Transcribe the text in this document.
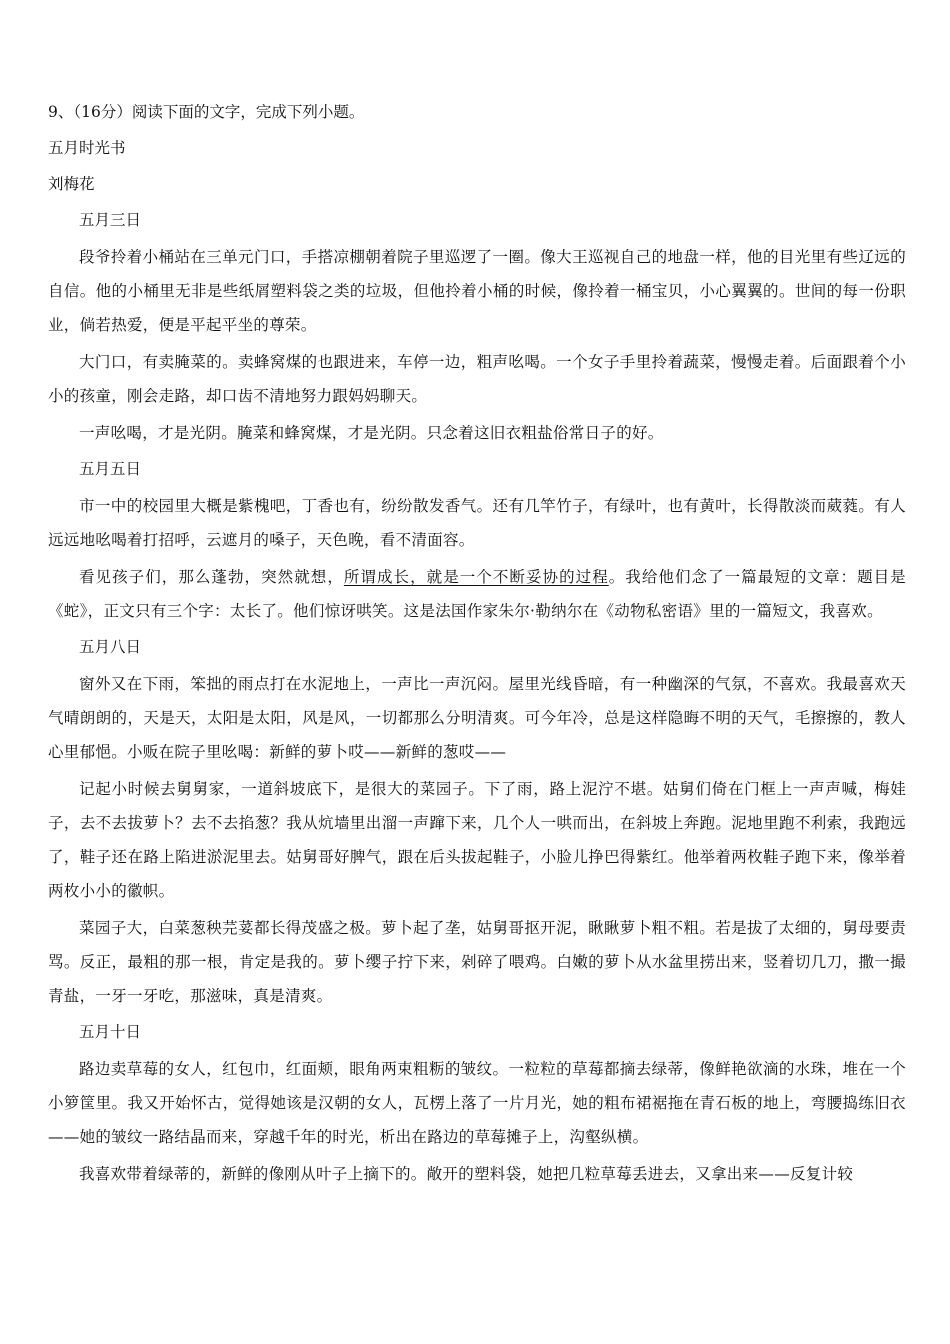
9、（16分）阅读下面的文字，完成下列小题。

五月时光书

刘梅花

五月三日

段爷拎着小桶站在三单元门口，手搭凉棚朝着院子里巡逻了一圈。像大王巡视自己的地盘一样，他的目光里有些辽远的自信。他的小桶里无非是些纸屑塑料袋之类的垃圾，但他拎着小桶的时候，像拎着一桶宝贝，小心翼翼的。世间的每一份职业，倘若热爱，便是平起平坐的尊荣。

大门口，有卖腌菜的。卖蜂窝煤的也跟进来，车停一边，粗声吆喝。一个女子手里拎着蔬菜，慢慢走着。后面跟着个小小的孩童，刚会走路，却口齿不清地努力跟妈妈聊天。

一声吆喝，才是光阴。腌菜和蜂窝煤，才是光阴。只念着这旧衣粗盐俗常日子的好。

五月五日

市一中的校园里大概是紫槐吧，丁香也有，纷纷散发香气。还有几竿竹子，有绿叶，也有黄叶，长得散淡而葳蕤。有人远远地吆喝着打招呼，云遮月的嗓子，天色晚，看不清面容。

看见孩子们，那么蓬勃，突然就想，所谓成长，就是一个不断妥协的过程。我给他们念了一篇最短的文章：题目是《蛇》，正文只有三个字：太长了。他们惊讶哄笑。这是法国作家朱尔·勒纳尔在《动物私密语》里的一篇短文，我喜欢。

五月八日

窗外又在下雨，笨拙的雨点打在水泥地上，一声比一声沉闷。屋里光线昏暗，有一种幽深的气氛，不喜欢。我最喜欢天气晴朗朗的，天是天，太阳是太阳，风是风，一切都那么分明清爽。可今年冷，总是这样隐晦不明的天气，毛擦擦的，教人心里郁悒。小贩在院子里吆喝：新鲜的萝卜哎——新鲜的葱哎——

记起小时候去舅舅家，一道斜坡底下，是很大的菜园子。下了雨，路上泥泞不堪。姑舅们倚在门框上一声声喊，梅娃子，去不去拔萝卜？去不去掐葱？我从炕墙里出溜一声蹿下来，几个人一哄而出，在斜坡上奔跑。泥地里跑不利索，我跑远了，鞋子还在路上陷进淤泥里去。姑舅哥好脾气，跟在后头拔起鞋子，小脸儿挣巴得紫红。他举着两枚鞋子跑下来，像举着两枚小小的徽帜。

菜园子大，白菜葱秧芫荽都长得茂盛之极。萝卜起了垄，姑舅哥抠开泥，瞅瞅萝卜粗不粗。若是拔了太细的，舅母要责骂。反正，最粗的那一根，肯定是我的。萝卜缨子拧下来，剁碎了喂鸡。白嫩的萝卜从水盆里捞出来，竖着切几刀，撒一撮青盐，一牙一牙吃，那滋味，真是清爽。

五月十日

路边卖草莓的女人，红包巾，红面颊，眼角两束粗粝的皱纹。一粒粒的草莓都摘去绿蒂，像鲜艳欲滴的水珠，堆在一个小箩筐里。我又开始怀古，觉得她该是汉朝的女人，瓦楞上落了一片月光，她的粗布裙裾拖在青石板的地上，弯腰捣练旧衣——她的皱纹一路结晶而来，穿越千年的时光，析出在路边的草莓摊子上，沟壑纵横。

我喜欢带着绿蒂的，新鲜的像刚从叶子上摘下的。敞开的塑料袋，她把几粒草莓丢进去，又拿出来——反复计较
